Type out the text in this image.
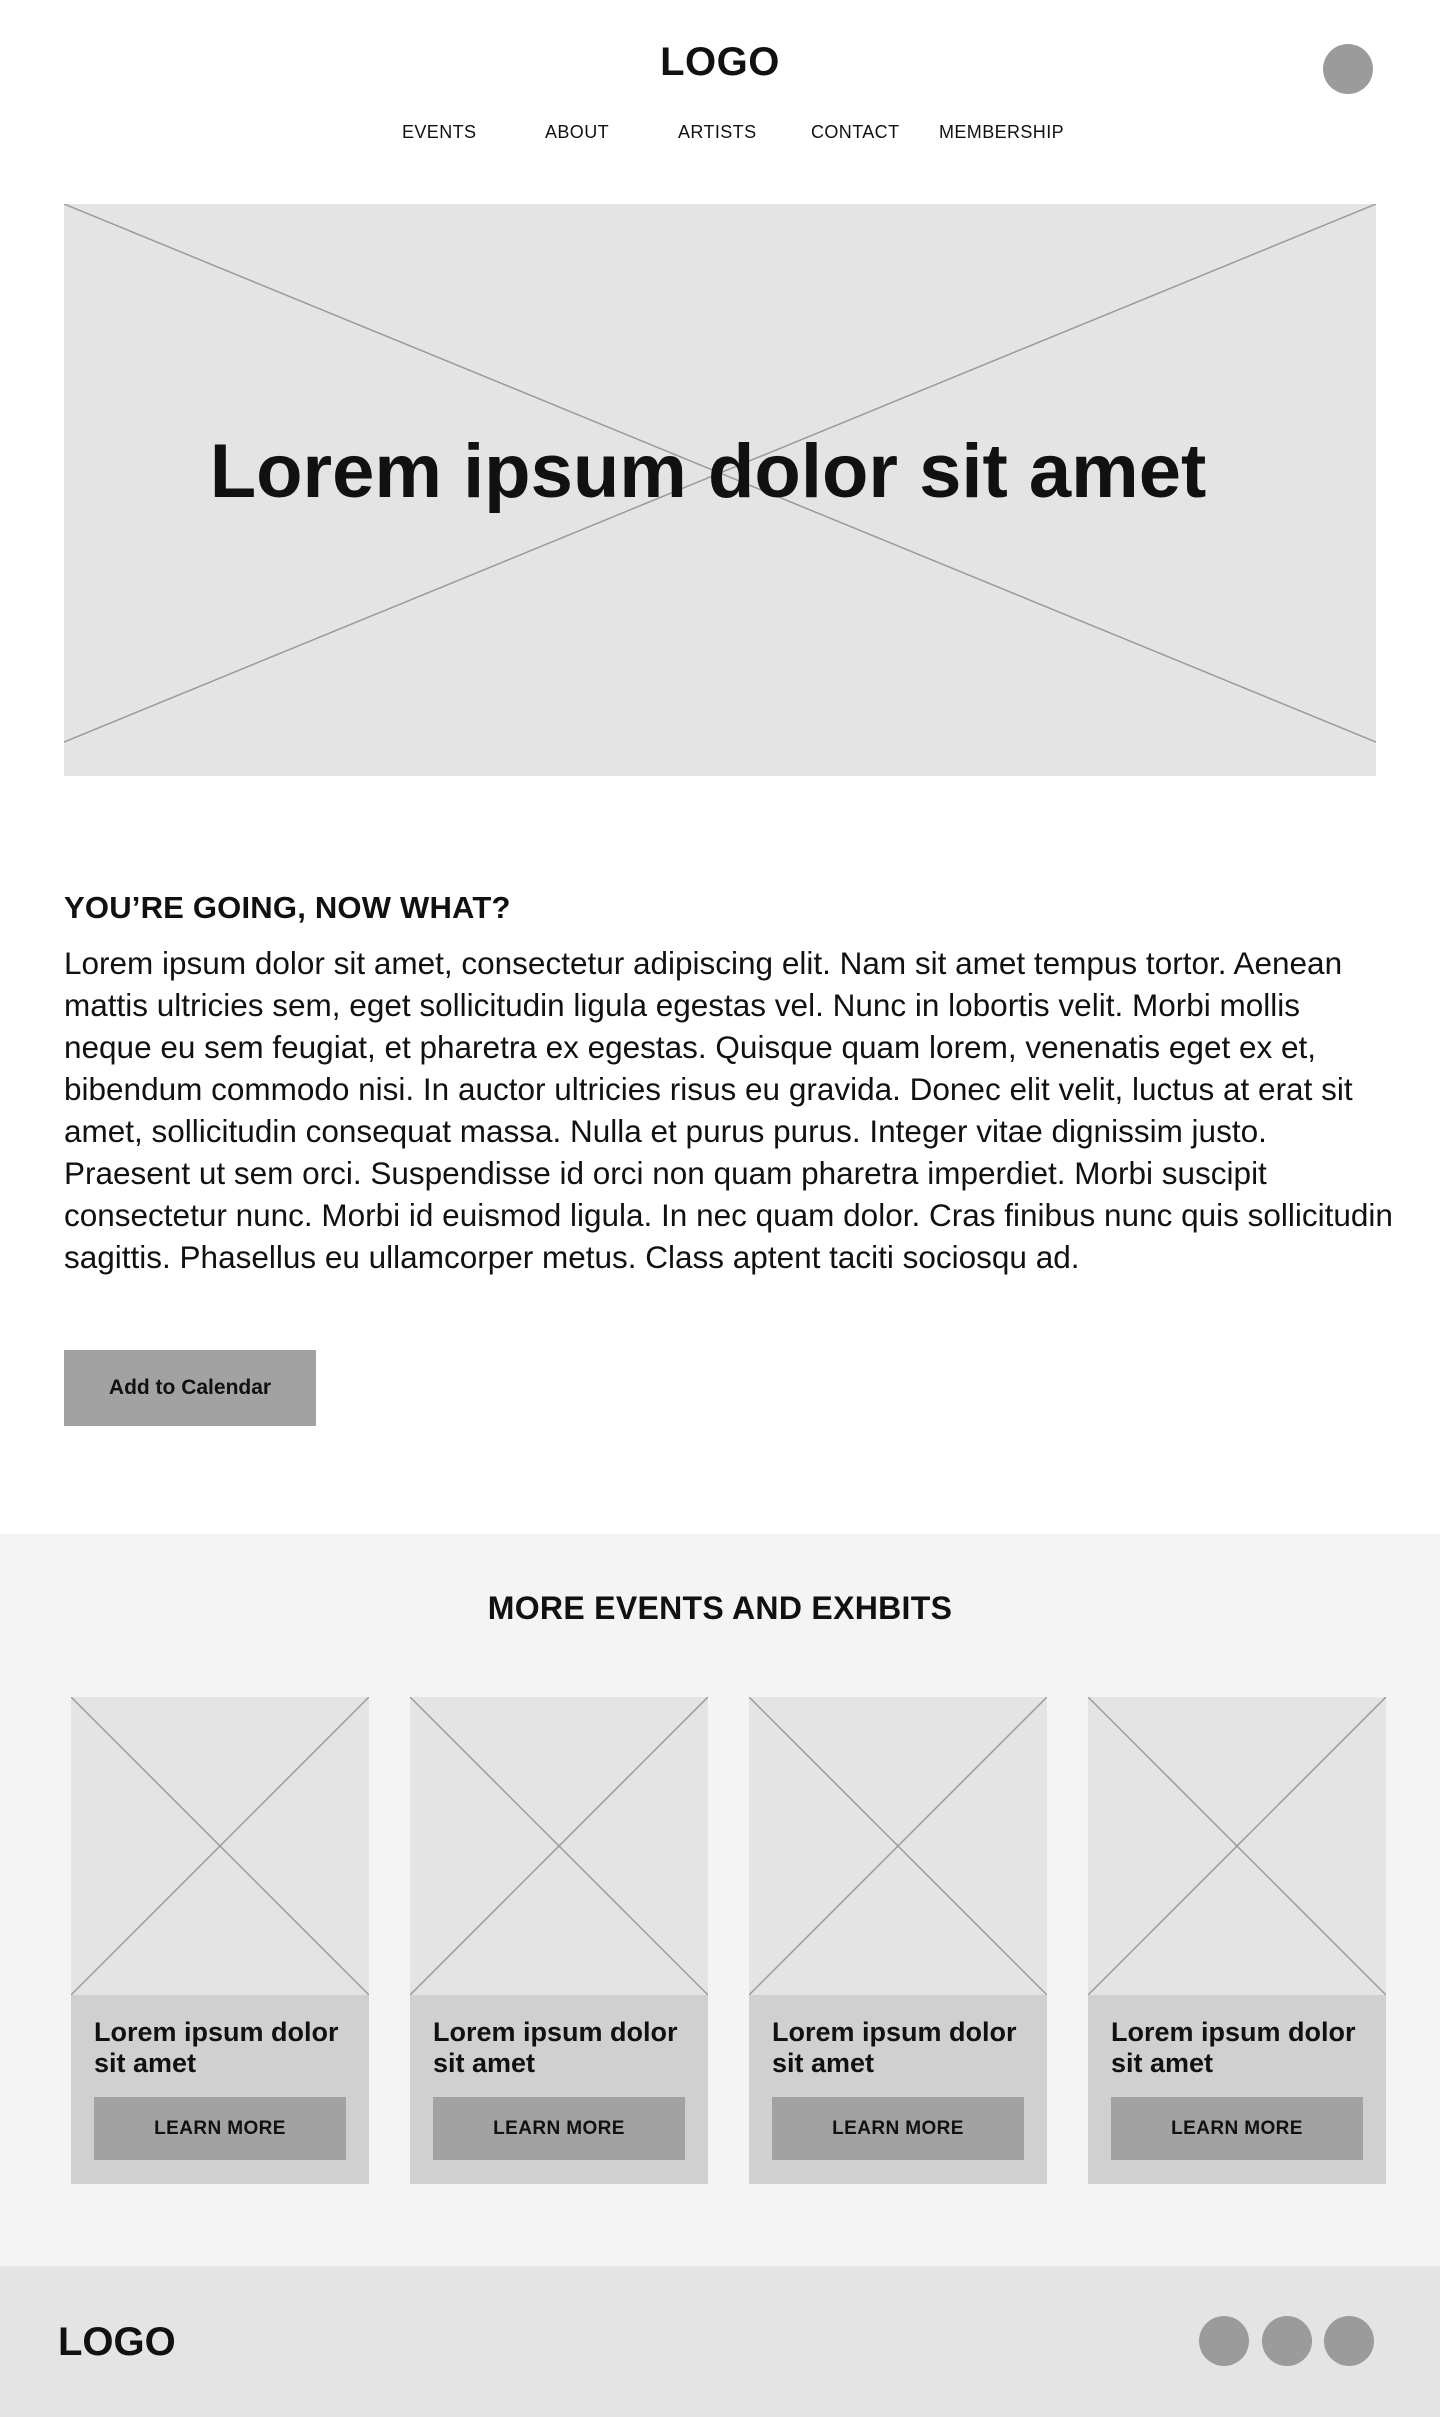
LOGO
EVENTS	ABOUT	ARTISTS	CONTACT MEMBERSHIP
Lorem ipsum dolor sit amet
YOU’RE GOING, NOW WHAT?

Lorem ipsum dolor sit amet, consectetur adipiscing elit. Nam sit amet tempus tortor. Aenean mattis ultricies sem, eget sollicitudin ligula egestas vel. Nunc in lobortis velit. Morbi mollis neque eu sem feugiat, et pharetra ex egestas. Quisque quam lorem, venenatis eget ex et, bibendum commodo nisi. In auctor ultricies risus eu gravida. Donec elit velit, luctus at erat sit amet, sollicitudin consequat massa. Nulla et purus purus. Integer vitae dignissim justo. Praesent ut sem orci. Suspendisse id orci non quam pharetra imperdiet. Morbi suscipit consectetur nunc. Morbi id euismod ligula. In nec quam dolor. Cras finibus nunc quis sollicitudin sagittis. Phasellus eu ullamcorper metus. Class aptent taciti sociosqu ad.

Add to Calendar
MORE EVENTS AND EXHBITS
Lorem ipsum dolor sit amet
LEARN MORE
Lorem ipsum dolor sit amet
LEARN MORE
Lorem ipsum dolor sit amet
LEARN MORE
Lorem ipsum dolor sit amet
LEARN MORE
LOGO
